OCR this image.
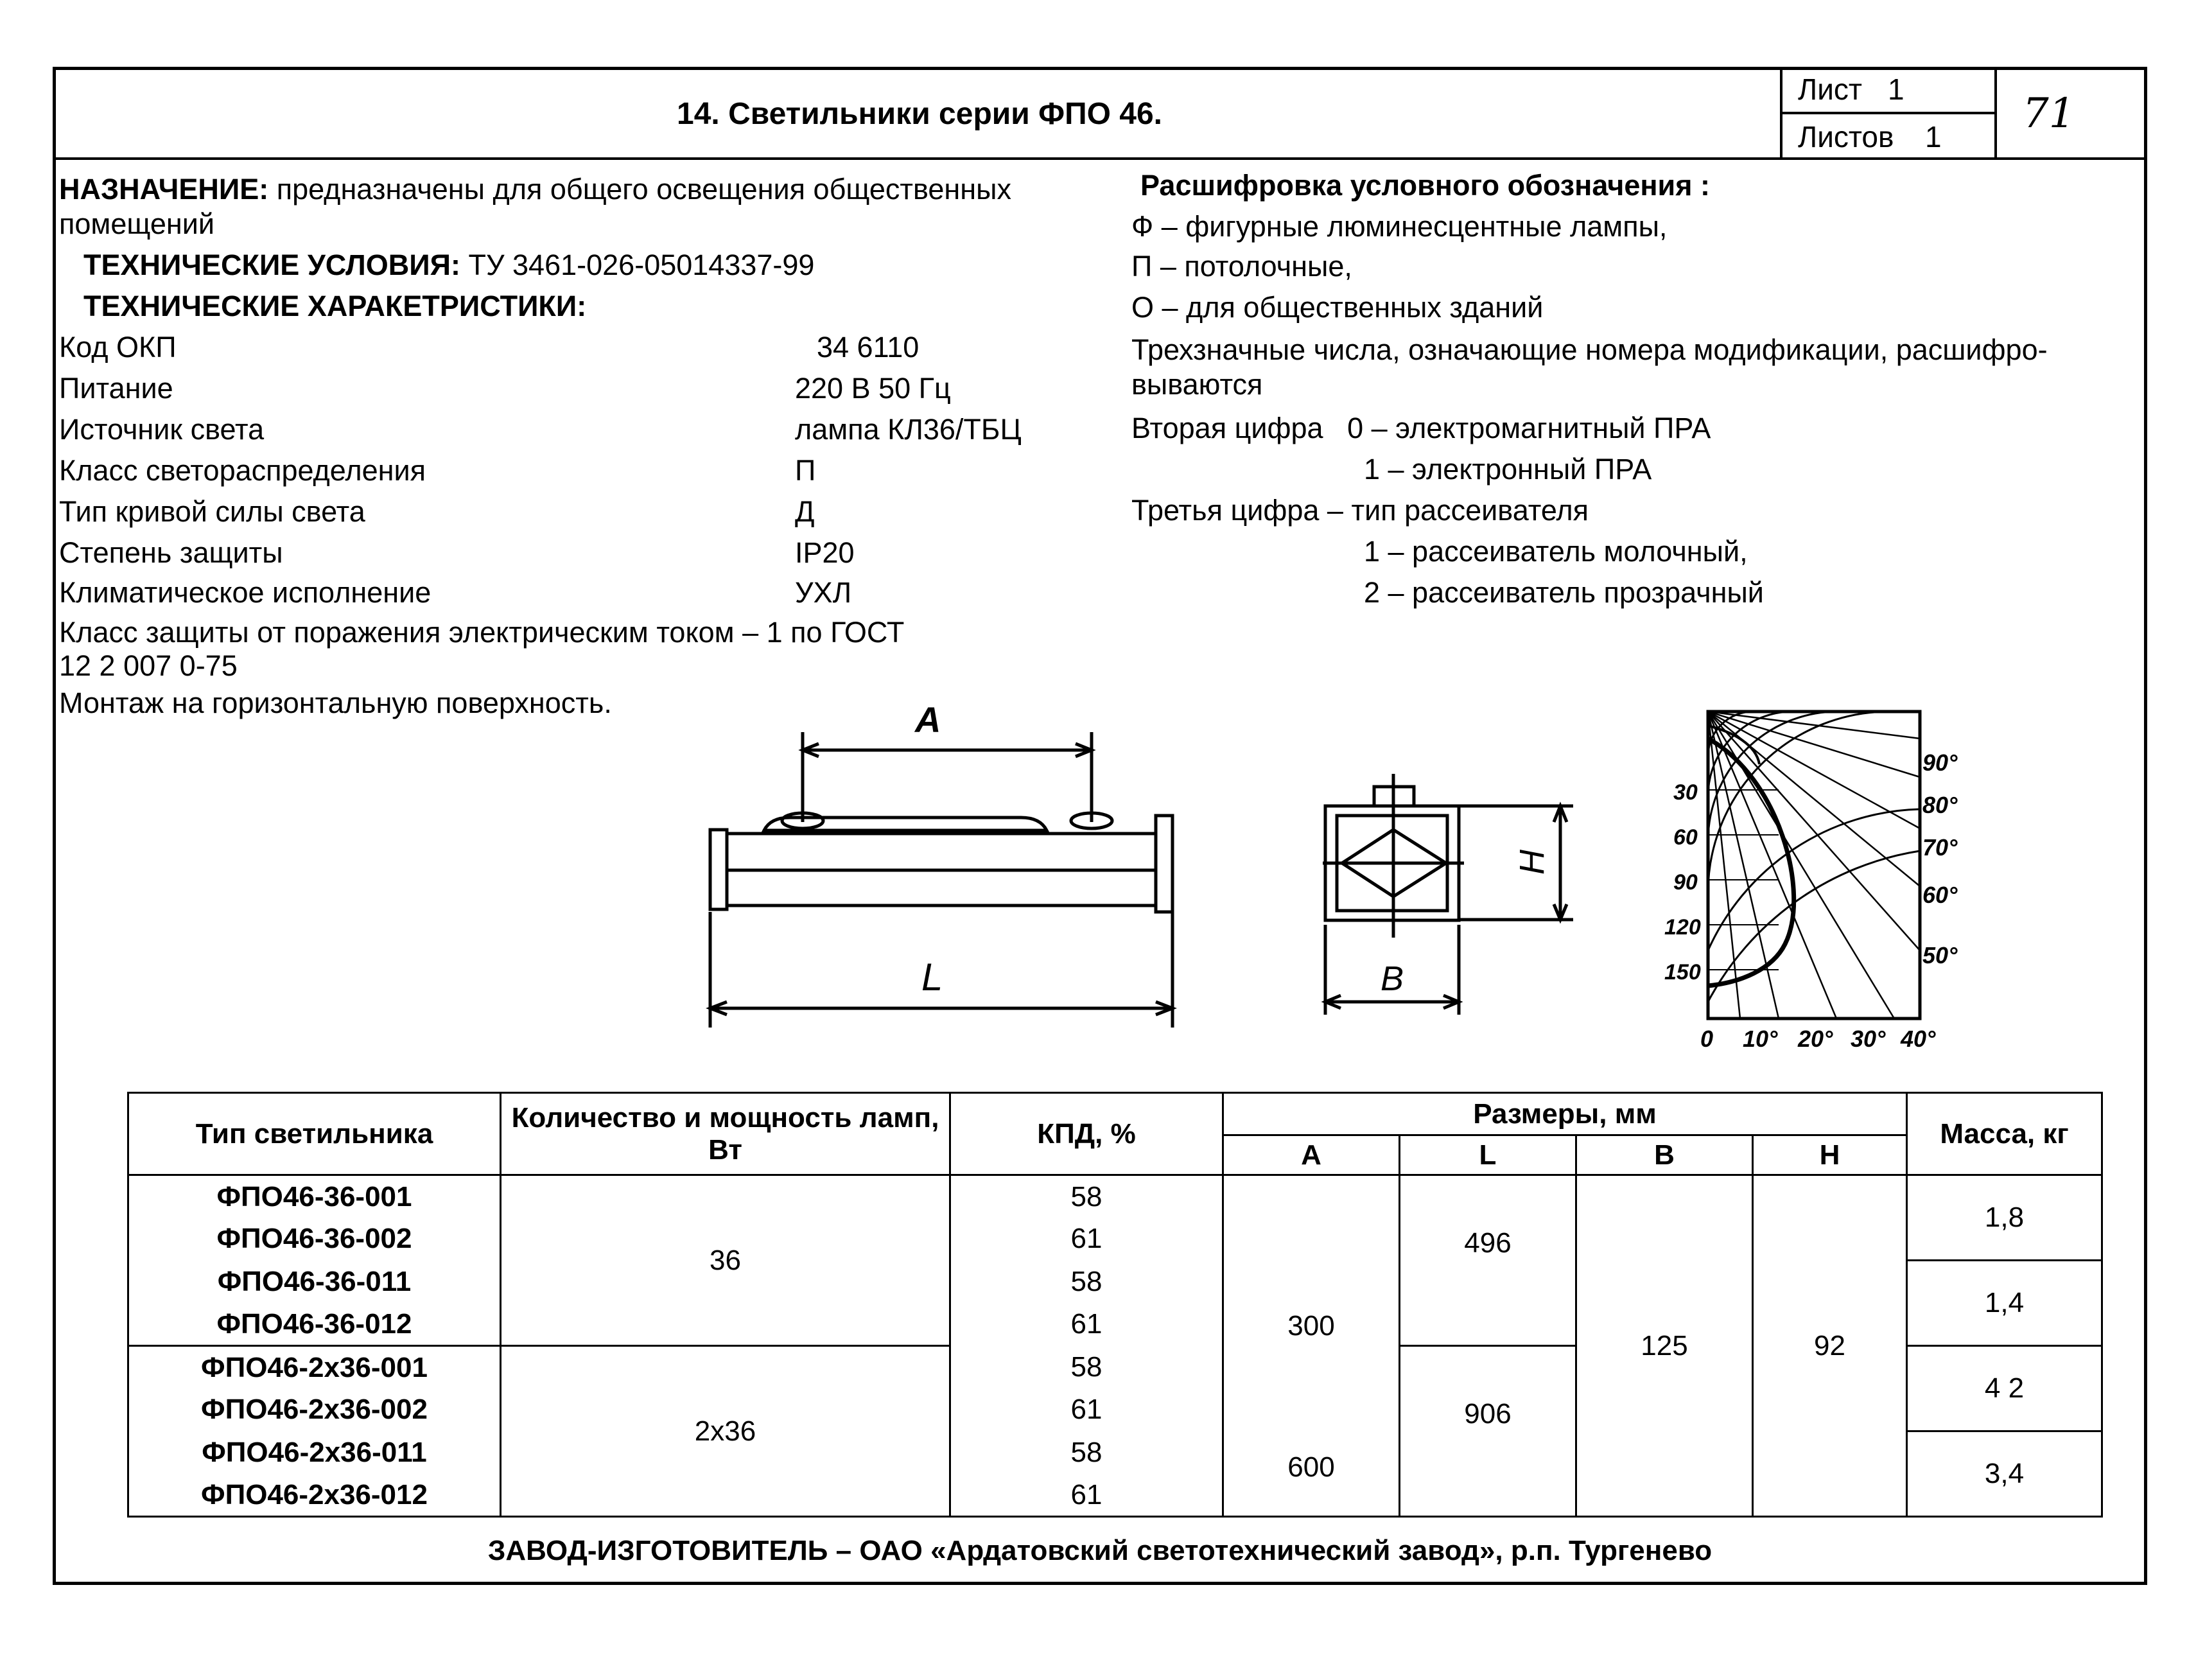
14. Светильники серии ФПО 46.
Лист 1
Листов 1 71
НАЗНАЧЕНИЕ: предназначены для общего освещения общественных
помещений
ТЕХНИЧЕСКИЕ УСЛОВИЯ: ТУ 3461-026-05014337-99
ТЕХНИЧЕСКИЕ ХАРАКЕТРИСТИКИ:
Код ОКП	34 6110
Питание	220 В 50 Гц
Источник света	лампа КЛ36/ТБЦ
Класс светораспределения	П
Тип кривой силы света	Д
Степень защиты	IP20
Климатическое исполнение	УХЛ
Класс защиты от поражения электрическим током – 1 по ГОСТ
12 2 007 0-75
Монтаж на горизонтальную поверхность.
Расшифровка условного обозначения :
Ф – фигурные люминесцентные лампы,
П – потолочные,
О – для общественных зданий
Трехзначные числа, означающие номера модификации, расшифро-
вываются
Вторая цифра   0 – электромагнитный ПРА
1 – электронный ПРА
Третья цифра – тип рассеивателя
1 – рассеиватель молочный,
2 – рассеиватель прозрачный
А
L
Н
В
30
60
90
120
150
90°
80°
70°
60°
50°
0 10° 20° 30° 40°
Тип светильника	Количество и мощность ламп, Вт	КПД, %	Размеры, мм				Масса, кг
			А	L	В	Н	
ФПО46-36-001	36	58	300	496	125	92	1,8
ФПО46-36-002		61					
ФПО46-36-011		58					1,4
ФПО46-36-012		61					
ФПО46-2х36-001	2х36	58	600	906			4 2
ФПО46-2х36-002		61					
ФПО46-2х36-011		58					3,4
ФПО46-2х36-012		61					
ЗАВОД-ИЗГОТОВИТЕЛЬ – ОАО «Ардатовский светотехнический завод», р.п. Тургенево
